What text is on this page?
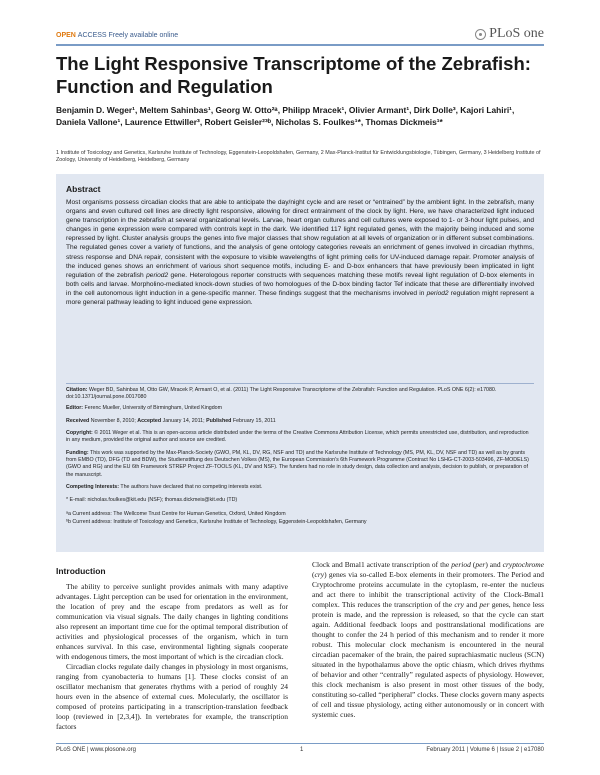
OPEN ACCESS Freely available online	PLoS one
The Light Responsive Transcriptome of the Zebrafish: Function and Regulation
Benjamin D. Weger¹, Meltem Sahinbas¹, Georg W. Otto²ᵃ, Philipp Mracek¹, Olivier Armant¹, Dirk Dolle³, Kajori Lahiri¹, Daniela Vallone¹, Laurence Ettwiller³, Robert Geisler²³ᵇ, Nicholas S. Foulkes¹*, Thomas Dickmeis¹*
1 Institute of Toxicology and Genetics, Karlsruhe Institute of Technology, Eggenstein-Leopoldshafen, Germany, 2 Max-Planck-Institut für Entwicklungsbiologie, Tübingen, Germany, 3 Heidelberg Institute of Zoology, University of Heidelberg, Heidelberg, Germany
Abstract
Most organisms possess circadian clocks that are able to anticipate the day/night cycle and are reset or “entrained” by the ambient light. In the zebrafish, many organs and even cultured cell lines are directly light responsive, allowing for direct entrainment of the clock by light. Here, we have characterized light induced gene transcription in the zebrafish at several organizational levels. Larvae, heart organ cultures and cell cultures were exposed to 1- or 3-hour light pulses, and changes in gene expression were compared with controls kept in the dark. We identified 117 light regulated genes, with the majority being induced and some repressed by light. Cluster analysis groups the genes into five major classes that show regulation at all levels of organization or in different subset combinations. The regulated genes cover a variety of functions, and the analysis of gene ontology categories reveals an enrichment of genes involved in circadian rhythms, stress response and DNA repair, consistent with the exposure to visible wavelengths of light priming cells for UV-induced damage repair. Promoter analysis of the induced genes shows an enrichment of various short sequence motifs, including E- and D-box enhancers that have previously been implicated in light regulation of the zebrafish period2 gene. Heterologous reporter constructs with sequences matching these motifs reveal light regulation of D-box elements in both cells and larvae. Morpholino-mediated knock-down studies of two homologues of the D-box binding factor Tef indicate that these are differentially involved in the cell autonomous light induction in a gene-specific manner. These findings suggest that the mechanisms involved in period2 regulation might represent a more general pathway leading to light induced gene expression.
Citation: Weger BD, Sahinbas M, Otto GW, Mracek P, Armant O, et al. (2011) The Light Responsive Transcriptome of the Zebrafish: Function and Regulation. PLoS ONE 6(2): e17080. doi:10.1371/journal.pone.0017080
Editor: Ferenc Mueller, University of Birmingham, United Kingdom
Received November 8, 2010; Accepted January 14, 2011; Published February 15, 2011
Copyright: © 2011 Weger et al. This is an open-access article distributed under the terms of the Creative Commons Attribution License, which permits unrestricted use, distribution, and reproduction in any medium, provided the original author and source are credited.
Funding: This work was supported by the Max-Planck-Society (GWO, PM, KL, DV, RG, NSF and TD) and the Karlsruhe Institute of Technology (MS, PM, KL, DV, NSF and TD) as well as by grants from EMBO (TD), DFG (TD and BDW), the Studienstiftung des Deutschen Volkes (MS), the European Commission's 6th Framework Programme (Contract No LSHG-CT-2003-503496, ZF-MODELS) (GWO and RG) and the EU 6th Framework STREP Project ZF-TOOLS (KL, DV and NSF). The funders had no role in study design, data collection and analysis, decision to publish, or preparation of the manuscript.
Competing Interests: The authors have declared that no competing interests exist.
* E-mail: nicholas.foulkes@kit.edu (NSF); thomas.dickmeis@kit.edu (TD)
ᵃa Current address: The Wellcome Trust Centre for Human Genetics, Oxford, United Kingdom
ᵇb Current address: Institute of Toxicology and Genetics, Karlsruhe Institute of Technology, Eggenstein-Leopoldshafen, Germany
Introduction

The ability to perceive sunlight provides animals with many adaptive advantages. Light perception can be used for orientation in the environment, the location of prey and the escape from predators as well as for communication via visual signals. The daily changes in lighting conditions also represent an important time cue for the optimal temporal distribution of activities and physiological processes of the organism, which in turn enhances survival. In this case, environmental lighting signals cooperate with endogenous timers, the most important of which is the circadian clock.

Circadian clocks regulate daily changes in physiology in most organisms, ranging from cyanobacteria to humans [1]. These clocks consist of an oscillator mechanism that generates rhythms with a period of roughly 24 hours even in the absence of external cues. Molecularly, the oscillator is composed of proteins participating in a transcription-translation feedback loop (reviewed in [2,3,4]). In vertebrates for example, the transcription factors

Clock and Bmal1 activate transcription of the period (per) and cryptochrome (cry) genes via so-called E-box elements in their promoters. The Period and Cryptochrome proteins accumulate in the cytoplasm, re-enter the nucleus and act there to inhibit the transcriptional activity of the Clock-Bmal1 complex. This reduces the transcription of the cry and per genes, hence less protein is made, and the repression is released, so that the cycle can start again. Additional feedback loops and posttranslational modifications are thought to confer the 24 h period of this mechanism and to render it more robust. This molecular clock mechanism is encountered in the neural circadian pacemaker of the brain, the paired suprachiasmatic nucleus (SCN) situated in the hypothalamus above the optic chiasm, which drives rhythms of behavior and other “centrally” regulated aspects of physiology. However, this clock mechanism is also present in most other tissues of the body, constituting so-called “peripheral” clocks. These clocks govern many aspects of cell and tissue physiology, acting either autonomously or in concert with systemic cues.

PLoS ONE | www.plosone.org	1	February 2011 | Volume 6 | Issue 2 | e17080
